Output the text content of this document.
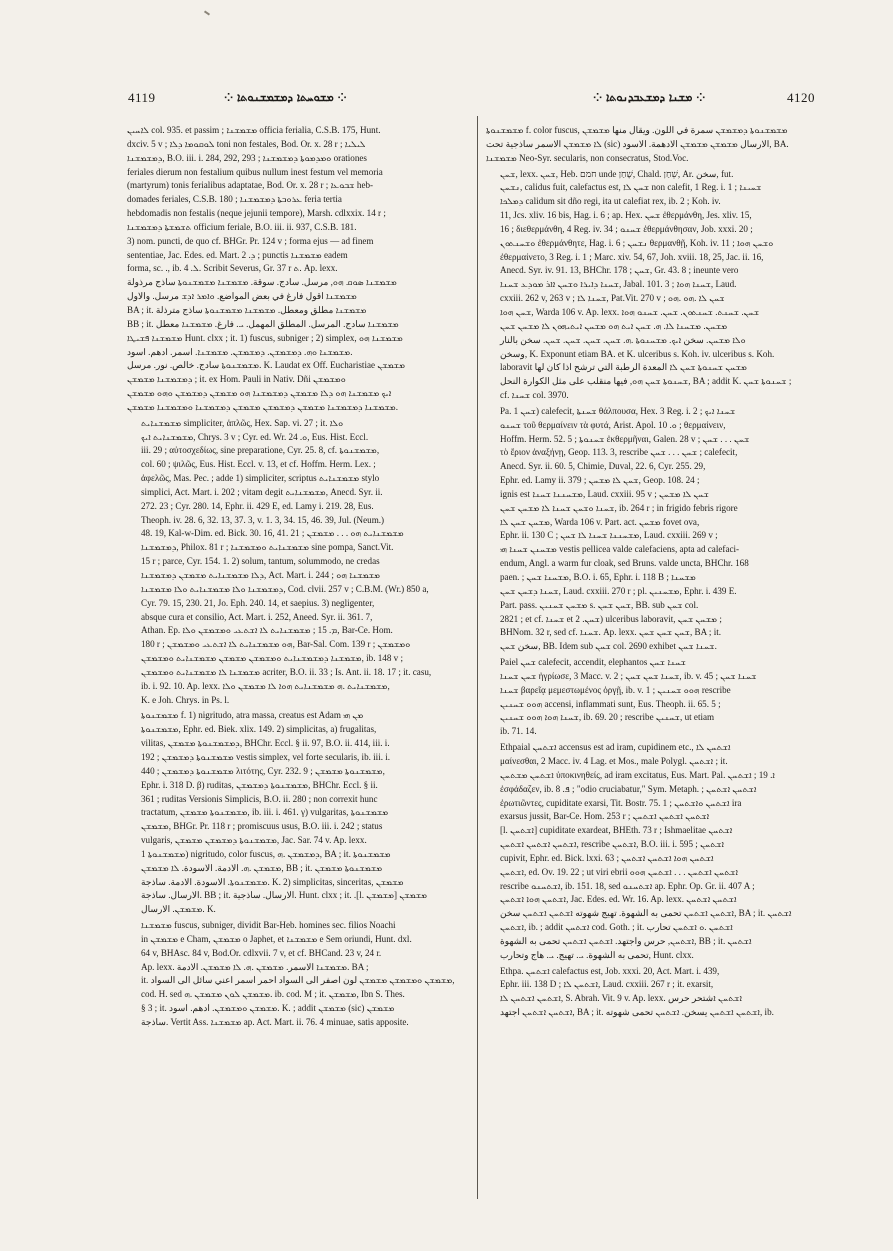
4119	⁘ ܡܫܘܚܬܐ ܕܡܫܡܫܢܘܬܐ ⁘	⁘ ܡܫܢܐ ܕܡܫܥܒܕܢܘܬܐ ⁘	4120

ܠܐܚܝܢ col. 935. et passim ; ܡܫܡܫܢܐ officia ferialia, C.S.B. 175, Hunt.
dxciv. 5 v ; ܠܘܩܘܡܐ ܕܠܐ toni non festales, Bod. Or. x. 28 r ; ܠܝܠܝܐ
ܕܡܫܡܫܢܐ, B.O. iii. i. 284, 292, 293 ; ܘܡܕܡܘܬܐ ܕܡܫܡܫܢܐ orationes
feriales dierum non festalium quibus nullum inest festum vel memoria
(martyrum) tonis ferialibus adaptatae, Bod. Or. x. 28 r ; ܫܒܘܥܐ heb-
domades feriales, C.S.B. 180 ; ܥܪܘܒܬܐ ܕܡܫܡܫܢܐ feria tertia
hebdomadis non festalis (neque jejunii tempore), Marsh. cdlxxix. 14 r ;
ܬܫܡܫܬܐ ܕܡܫܡܫܢܐ officium feriale, B.O. iii. ii. 937, C.S.B. 181.
3) nom. puncti, de quo cf. BHGr. Pr. 124 v ; forma ejus — ad finem
sententiae, Jac. Edes. ed. Mart. ܕ. 2 ; punctis ܡܫܡܫܢܐ eadem
forma, sc. ., ib. ܠ. 4. Scribit Severus, Gr. 37 r ܬ. Ap. lexx.
ܡܫܡܫܢܐ ܣܘܩ ܗܘ, مرسل. سادج. سوقة. ܡܫܡܫܢܐ ܡܫܡܫܢܘܬܐ ساذج مرذولة
ܡܫܡܫܢܐ اقول فارغ في بعض المواضع. ܘܐܡܪ ܐܕܫ مرسل. والاول
BA ; it. ܡܫܡܫܢܐ مطلق ومعطل. ܡܫܡܫܢܐ ܡܫܡܫܢܘܬܐ ساذج مترذلة
BB ; it. ܡܫܡܫܢܐ سادج. المرسل. المطلق المهمل. ܝ. فارغ. ܡܫܡܫܢܐ معطل
ܡܫܡܫܢܐ ܦܫܝܛܐ Hunt. clxx ; it. 1) fuscus, subniger ; 2) simplex, ܡܫܡܫܢܐ ܗܘ
ܡܫܡܫܢܐ ܘܗ. ܕܡܫܡܫܢ. ܕܡܫܡܫܢ. ܡܫܡܫܢܐ. اسمر. ادهم. اسود.
ܡܫܡܫܢܘܬܐ سادج. خالص. نور. مرسل. K. Laudat ex Off. Eucharistiae ܡܫܡܫܢ
ܕܡܫܡܫܢܐ ܡܫܡܫܢ ; it. ex Hom. Pauli in Nativ. Dñi ܘܡܫܡܫܢ
ܐܝܟ ܡܫܡܫܢܐ ܗܘ ܕܠܐ ܡܫܡܫܢ ܕܡܫܡܫܢܐ ܗܘ ܡܫܡܫܢ ܕܡܫܡܫܢ ܘܗܘ ܡܫܡܫܢ
ܡܫܡܫܢܐ ܕܡܫܡܫܢܐ ܡܫܡܫܢ ܕܡܫܡܫܢ ܡܫܡܫܢ ܕܡܫܡܫܢܐ ܘܡܫܡܫܢܐ ܡܫܡܫܢ.

ܡܫܡܫܢܐܝܬ simpliciter, ἁπλῶς, Hex. Sap. vi. 27 ; it. ܘܠܐ
ܡܫܡܫܢܐܝܬ ܐܝܟ, Chrys. 3 v ; Cyr. ed. Wr. ܘ. 24, Eus. Hist. Eccl.
iii. 29 ; αὐτοσχεδίως, sine preparatione, Cyr. 25. 8, cf. ܡܫܡܫܢܘܬܐ,
col. 60 ; ψιλῶς, Eus. Hist. Eccl. v. 13, et cf. Hoffm. Herm. Lex. ;
ἀφελῶς, Mas. Pec. ; adde 1) simpliciter, scriptus ܡܫܡܫܢܐܝܬ stylo
simplici, Act. Mart. i. 202 ; vitam degit ܡܫܡܫܢܐܝܬ, Anecd. Syr. ii.
272. 23 ; Cyr. 280. 14, Ephr. ii. 429 E, ed. Lamy i. 219. 28, Eus.
Theoph. iv. 28. 6, 32. 13, 37. 3, v. 1. 3, 34. 15, 46. 39, Jul. (Neum.)
48. 19, Kal-w-Dim. ed. Bick. 30. 16, 41. 21 ; ܡܫܡܫܢܐܝܬ ܗܘ . . . ܡܫܡܫܢ
ܕܡܫܡܫܢܐ, Philox. 81 r ; ܡܫܡܫܢܐܝܬ ܘܡܫܡܫܢܐ sine pompa, Sanct.Vit.
15 r ; parce, Cyr. 154. 1. 2) solum, tantum, solummodo, ne credas
ܕܠܐ ܡܫܡܫܢܐܝܬ ܡܫܡܫܢ ܕܡܫܡܫܢܐ, Act. Mart. i. 244 ; ܡܫܡܫܢܐ ܗܘ
ܕܡܫܡܫܢܐ ܘܠܐ ܡܫܡܫܢܐܝܬ ܘܠܐ ܡܫܡܫܢܐ, Cod. clvii. 257 v ; C.B.M. (Wr.) 850 a,
Cyr. 79. 15, 230. 21, Jo. Eph. 240. 14, et saepius. 3) negligenter,
absque cura et consilio, Act. Mart. i. 252, Aneed. Syr. ii. 361. 7,
Athan. Ep. ܡ. 15 ; ܡܫܡܫܢܐܝܬ ܠܐ ܐܫܬܥܝ ܘܡܫܡܫܢ ܘܠܐ, Bar-Ce. Hom.
180 r ; ܗܘ ܡܫܡܫܢܐܝܬ ܠܐ ܐܫܬܥܝ ܘܡܫܡܫܢ, Bar-Sal. Com. 139 r ; ܘܡܫܡܫܢ
ܡܫܡܫܢܐ ܕܡܫܡܫܢܐܝܬ ܘܡܫܡܫܢ ܡܫܡܫܢ ܡܫܡܫܢܐܝܬ ܘܡܫܡܫܢ, ib. 148 v ;
ܡܫܡܫܢܐ ܠܐ ܡܫܡܫܢܐܝܬ ܘܡܫܡܫܢ acriter, B.O. ii. 33 ; Is. Ant. ii. 18. 17 ; it. casu,
ib. i. 92. 10. Ap. lexx. ܡܫܡܫܢܐܝܬ .ܗ ܡܫܡܫܢܐܝܬ ܗܘܐ ܠܐ ܡܫܡܫܢ ܘܠܐ,
K. e Joh. Chrys. in Ps. l.

ܡܫܡܫܢܘܬܐ f. 1) nigritudo, atra massa, creatus est Adam ܡܢ ܗܝ
ܡܫܡܫܢܘܬܐ, Ephr. ed. Biek. xlix. 149. 2) simplicitas, a) frugalitas,
vilitas, ܕܡܫܡܫܢܘܬܐ ܡܫܡܫܢ, BHChr. Eccl. § ii. 97, B.O. ii. 414, iii. i.
192 ; ܡܫܡܫܢܘܬܐ ܕܡܫܡܫܢ vestis simplex, vel forte secularis, ib. iii. i.
440 ; ܡܫܡܫܢܘܬܐ ܕܡܫܡܫܢ λιτότης, Cyr. 232. 9 ; ܡܫܡܫܢܘܬܐ ܡܫܡܫܢ,
Ephr. i. 318 D. β) ruditas, ܡܫܡܫܢܘܬܐ ܕܡܫܡܫܢ, BHChr. Eccl. § ii.
361 ; ruditas Versionis Simplicis, B.O. ii. 280 ; non correxit hunc
tractatum, ܡܫܡܫܢܘܬܐ ܡܫܡܫܢ, ib. iii. i. 461. γ) vulgaritas, ܡܫܡܫܢܘܬܐ
ܡܫܡܫܢ, BHGr. Pr. 118 r ; promiscuus usus, B.O. iii. i. 242 ; status
vulgaris, ܡܫܡܫܢܘܬܐ ܕܡܫܡܫܢ ܡܫܡܫܢ, Jac. Sar. 74 v. Ap. lexx.
ܡܫܡܫܢܘܬܐ 1) nigritudo, color fuscus, ܕܡܫܡܫܢ .ܗ, BA ; it. ܡܫܡܫܢܘܬܐ
ܡܫܡܫܢ .ܗ. الادمة. الاسودة. ܠܐ ܡܫܡܫܢ, BB ; it. ܡܫܡܫܢܘܬܐ ܡܫܡܫܢ
ܡܫܡܫܢܘܬܐ. الاسودة. الادمة. ساذجة. K. 2) simplicitas, sinceritas, ܡܫܡܫܢ
الارسال. ساذجة. BB ; it. الارسال. ساذجية. Hunt. clxx ; it. .[l. ܡܫܡܫܢ] ܡܫܡܫܢ
ܡܫܡܫܢ. الارسال. K.

ܡܫܡܫܢܐ fuscus, subniger, dividit Bar-Heb. homines sec. filios Noachi
in ܡܫܡܫܢ e Cham, ܡܫܡܫܢ o Japhet, et ܡܫܡܫܢܐ e Sem oriundi, Hunt. dxl.
64 v, BHAsc. 84 v, Bod.Or. cdlxvii. 7 v, et cf. BHCand. 23 v, 24 r.
Ap. lexx. ܡܫܡܫܢܐ الاسمر. ܡܫܡܫܢ .ܗ. ܠܐ ܡܫܡܫܢ. الادمة. BA ;
it. ܡܫܡܫܢ ܘܡܫܡܫܢ ܡܫܡܫܢ لون اصفر الى السواد احمر اسمر اعني سائل الى السواد,
cod. H. sed ܡܫܡܫܢ ܠܘܢ ܡܫܡܫܢ .ܗ. ib. cod. M ; it. ܡܫܡܫܢ, Ibn S. Thes.
§ 3 ; it. ܡܫܡܫܢ ܘܡܫܡܫܢ. ادهم. اسود. K. ; addit ܡܫܡܫܢ (sic) ܡܫܡܫܢ
ساذجة. Vertit Ass. ܡܫܡܫܢܐ ap. Act. Mart. ii. 76. 4 minuae, satis apposite.

ܡܫܡܫܢܘܬܐ f. color fuscus, ܡܫܡܫܢܘܬܐ ܕܡܫܡܫܢ سمرة في اللون. ويقال منها ܡܫܡܫܢ
ܠܐ ܡܫܡܫܢ الاسمر ساذجية تحت (sic) الارسال ܡܫܡܫܢ ܡܫܡܫܢ الادهمة. الاسود, BA.
ܡܫܡܫܢܐ Neo-Syr. secularis, non consecratus, Stod.Voc.

ܫܚܢ, lexx. ܫܚܢ, Heb. חמם unde שָׁחַן, Chald. שְׁחַן, Ar. سخن, fut.
ܢܫܚܢ, calidus fuit, calefactus est, ܫܚܢ ܠܐ non calefit, 1 Reg. i. 1 ; ܫܚܝܢܐ
ܕܡܠܟܐ calidum sit dño regi, ita ut calefiat rex, ib. 2 ; Koh. iv.
11, Jcs. xliv. 16 bis, Hag. i. 6 ; ap. Hex. ܫܚܢ ἐθερμάνθη, Jes. xliv. 15,
16 ; διεθερμάνθη, 4 Reg. iv. 34 ; ܫܚܢܘ ἐθερμάνθησαν, Job. xxxi. 20 ;
ܘܫܚܢܬܘܢ ἐθερμάνθητε, Hag. i. 6 ; ܢܫܚܢ θερμανθῇ, Koh. iv. 11 ; ܘܫܚܢ ܗܘܐ
ἐθερμαίνετο, 3 Reg. i. 1 ; Marc. xiv. 54, 67, Joh. xviii. 18, 25, Jac. ii. 16,
Anecd. Syr. iv. 91. 13, BHChr. 178 ; ܫܚܢ, Gr. 43. 8 ; ineunte vero
ܫܚܢܐ ܕܐܝܪܐ ܘܫܚܢ ܐܐܪ ܡܘܕܥ ܫܚܢܐ, Jabal. 101. 3 ; ܫܚܢܐ ܗܘܐ, Laud.
cxxiii. 262 v, 263 v ; ܫܚܢܐ ܠܐ, Pat.Vit. 270 v ; ܫܚܢ ܠܐ .ܗܘ .ܗܘ
ܫܚܢ ܗܘܐ, Warda 106 v. Ap. lexx. ܫܚܢ. ܫܚܢܬ. ܫܚܢܬܘܢ. ܫܚܢ. ܫܚܢܘ ܗܘܐ
ܡܫܚܢ. ܡܫܚܢܐ ܠܐ. ܗ. ܫܚܢ ܐܝܬ ܗܘ ܡܫܚܢ ܐܝܬܝܗܘܢ ܠܐ ܡܫܚܢ ܫܚܢ
ܘܠܐ ܡܫܚܢ. سخن ܐܝܟ. ܡܫܚܢܘܬܐ .ܗ. ܫܚܢ. ܫܚܢ. ܫܚܢ. ܫܚܢ. سخن بالنار
وسخن, K. Exponunt etiam BA. et K. ulceribus s. Koh. iv. ulceribus s. Koh.
laboravit ܡܫܚܢ ܫܚܢܘܬܐ ܫܚܢ ܠܐ المعدة الرطبة التي ترشح اذا كان لها
ܫܚܢܘܬܐ ܫܚܢ ܗܘ, فيها منقلب على مثل الكوارة النحل, BA ; addit K. ܫܚܢܘܬܐ ܫܚܢ ;
cf. ܫܚܢܐ col. 3970.

Pa. ܫܚܢ 1) calefecit, ܫܚܢܬܐ θάλπουσα, Hex. 3 Reg. i. 2 ; ܫܚܢܐ ܐܝܟ
ܫܚܢܘ τοῦ θερμαίνειν τὰ φυτά, Arist. Apol. ܘ. 10 ; θερμαίνειν,
Hoffm. Herm. 52. 5 ; ܫܚܢܘܬܐ ἐκθερμῆναι, Galen. 28 v ; ܫܚܢ . . . ܫܚܢ
τὸ ἔριον ἀναξήνῃ, Geop. 113. 3, rescribe ܫܚܢ . . . ܫܚܢ ; calefecit,
Anecd. Syr. ii. 60. 5, Chimie, Duval, 22. 6, Cyr. 255. 29,
Ephr. ed. Lamy ii. 379 ; ܫܚܢ ܠܐ ܡܫܚܢ, Geop. 108. 24 ;
ignis est ܡܫܚܢܢܐ ܫܚܢܐ, Laud. cxxiii. 95 v ; ܫܚܢ ܠܐ ܡܫܚܢ
ܫܚܢܐ ܘܫܚܢ ܫܚܢܐ ܠܐ ܡܫܚܢ ܫܚܢ, ib. 264 r ; in frigido febris rigore
ܡܫܚܢ ܫܚܢ ܠܐ, Warda 106 v. Part. act. ܡܫܚܢ fovet ova,
Ephr. ii. 130 C ; ܡܫܚܢܢܐ ܫܚܢܐ ܠܐ ܫܚܢ, Laud. cxxiii. 269 v ;
ܡܫܚܢܢ ܫܚܢܐ ܗܝ vestis pellicea valde calefaciens, apta ad calefaci-
endum, Angl. a warm fur cloak, sed Bruns. valde uncta, BHChr. 168
paen. ; ܡܫܚܢܐ ܫܚܢ, B.O. i. 65, Ephr. i. 118 B ; ܡܫܚܢܐ
ܫܚܢܐ ܕܫܚܢ ܫܚܢ, Laud. cxxiii. 270 r ; pl. ܡܫܚܢܝܢ, Ephr. i. 439 E.
Part. pass. ܡܫܚܢ ܫܚܢܝܢ s. ܫܚܢ ܫܚܢ, BB. sub ܫܚܢ col.
2821 ; et cf. ܫܚܢܐ et ܫܚܢ. 2) ulceribus laboravit, ܡܫܚܢ ܫܚܢ ;
BHNom. 32 r, sed cf. ܫܚܢܐ. Ap. lexx. ܫܚܢ ܫܚܢ ܫܚܢ, BA ; it.
سخن ܫܚܢ, BB. Idem sub ܫܚܢ col. 2690 exhibet ܫܚܢܐ ܫܚܢ.

Paiel ܫܚܢ calefecit, accendit, elephantos ܫܚܢܐ ܫܚܢ
ܫܚܢ ܫܚܢܐ ἠγρίωσε, 3 Macc. v. 2 ; ܫܚܢܐ ܫܚܢ ܫܚܢ, ib. v. 45 ; ܫܚܢܐ ܫܚܢ
ܫܚܢܐ βαρεῖᾳ μεμεστωμένος ὀργῇ, ib. v. 1 ; ܗܘܘ ܫܚܢܝܢ rescribe
ܗܘܘ ܫܚܢܝܢ accensi, inflammati sunt, Eus. Theoph. ii. 65. 5 ;
ܫܚܢܐ ܗܘܐ ܗܘܘ ܫܚܢܝܢ, ib. 69. 20 ; rescribe ܫܚܢܝܢ, ut etiam
ib. 71. 14.

Ethpaial ܐܫܬܚܢ accensus est ad iram, cupidinem etc., ܐܫܬܚܢ ܠܐ
μαίνεσθαι, 2 Macc. iv. 4 Lag. et Mos., male Polygl. ܐܫܬܚܢ ; it.
ܐܫܬܚܢ ܡܫܬܚܢ ὑποκινηθείς, ad iram excitatus, Eus. Mart. Pal. ܐ. 19 ; ܐܫܬܚܢ
ἐσφάδαζεν, ib. ܦ. 8 ; "odio cruciabatur," Sym. Metaph. ; ܐܫܬܚܢ ܐܫܬܚܢ
ἐρωτιῶντες, cupiditate exarsi, Tit. Bostr. 75. 1 ; ܐܫܬܚܢ ܘܐܫܬܚܢ ira
exarsus jussit, Bar-Ce. Hom. 253 r ; ܐܫܬܚܢ ܐܫܬܚܢ ܐܫܬܚܢ
[l. ܐܫܬܚܢ] cupiditate exardeat, BHEth. 73 r ; Ishmaelitae ܐܫܬܚܢ
ܐܫܬܚܢ ܐܫܬܚܢ ܐܫܬܚܢ, rescribe ܐܫܬܚܢ, B.O. iii. i. 595 ; ܐܫܬܚܢ
cupivit, Ephr. ed. Bick. lxxi. 63 ; ܐܫܬܚܢ ܗܘܐ ܐܫܬܚܢ ܐܫܬܚܢ
ܐܫܬܚܢ, ed. Ov. 19. 22 ; ut viri ebrii ܐܫܬܚܢ ܐܫܬܚܢ . . . ܐܫܬܚܢ ܗܘܘ
rescribe ܐܫܬܚܢܘ, ib. 151. 18, sed ܐܫܬܚܢܘ ap. Ephr. Op. Gr. ii. 407 A ;
ܐܫܬܚܢ ܗܘܐ ܐܫܬܚܢ, Jac. Edes. ed. Wr. 16. Ap. lexx. ܐܫܬܚܢ ܐܫܬܚܢ
ܐܫܬܚܢ ܐܫܬܚܢ تحمى به الشهوة. تهيج شهوته ܐܫܬܚܢ ܐܫܬܚܢ سخن, BA ; it. ܐܫܬܚܢ
ܐܫܬܚܢ, ib. ; addit ܐܫܬܚܢ cod. Goth. ; it. ܐܫܬܚܢ .ܘ ܐܫܬܚܢ تحارب
ܐܫܬܚܢ, حرس واجتهد. ܐܫܬܚܢ ܐܫܬܚܢ تحمى به الشهوة, BB ; it. ܐܫܬܚܢ
تحمى به الشهوة. ܝ. تهيج. ܝ. هاج وتحارب, Hunt. clxx.

Ethpa. ܐܫܬܚܢ calefactus est, Job. xxxi. 20, Act. Mart. i. 439,
Ephr. iii. 138 D ; ܐܫܬܚܢ ܠܐ, Laud. cxxiii. 267 r ; it. exarsit,
ܐܫܬܚܢ ܐܫܬܚܢ ܠܐ, S. Abrah. Vit. 9 v. Ap. lexx. ܐܫܬܚܢ ܐشتحر حرس
ܐܫܬܚܢ ܐܫܬܚܢ اجتهد, BA ; it. ܐܫܬܚܢ ܐܫܬܚܢ يسخن. ܐܫܬܚܢ تحمى شهوته, ib.
